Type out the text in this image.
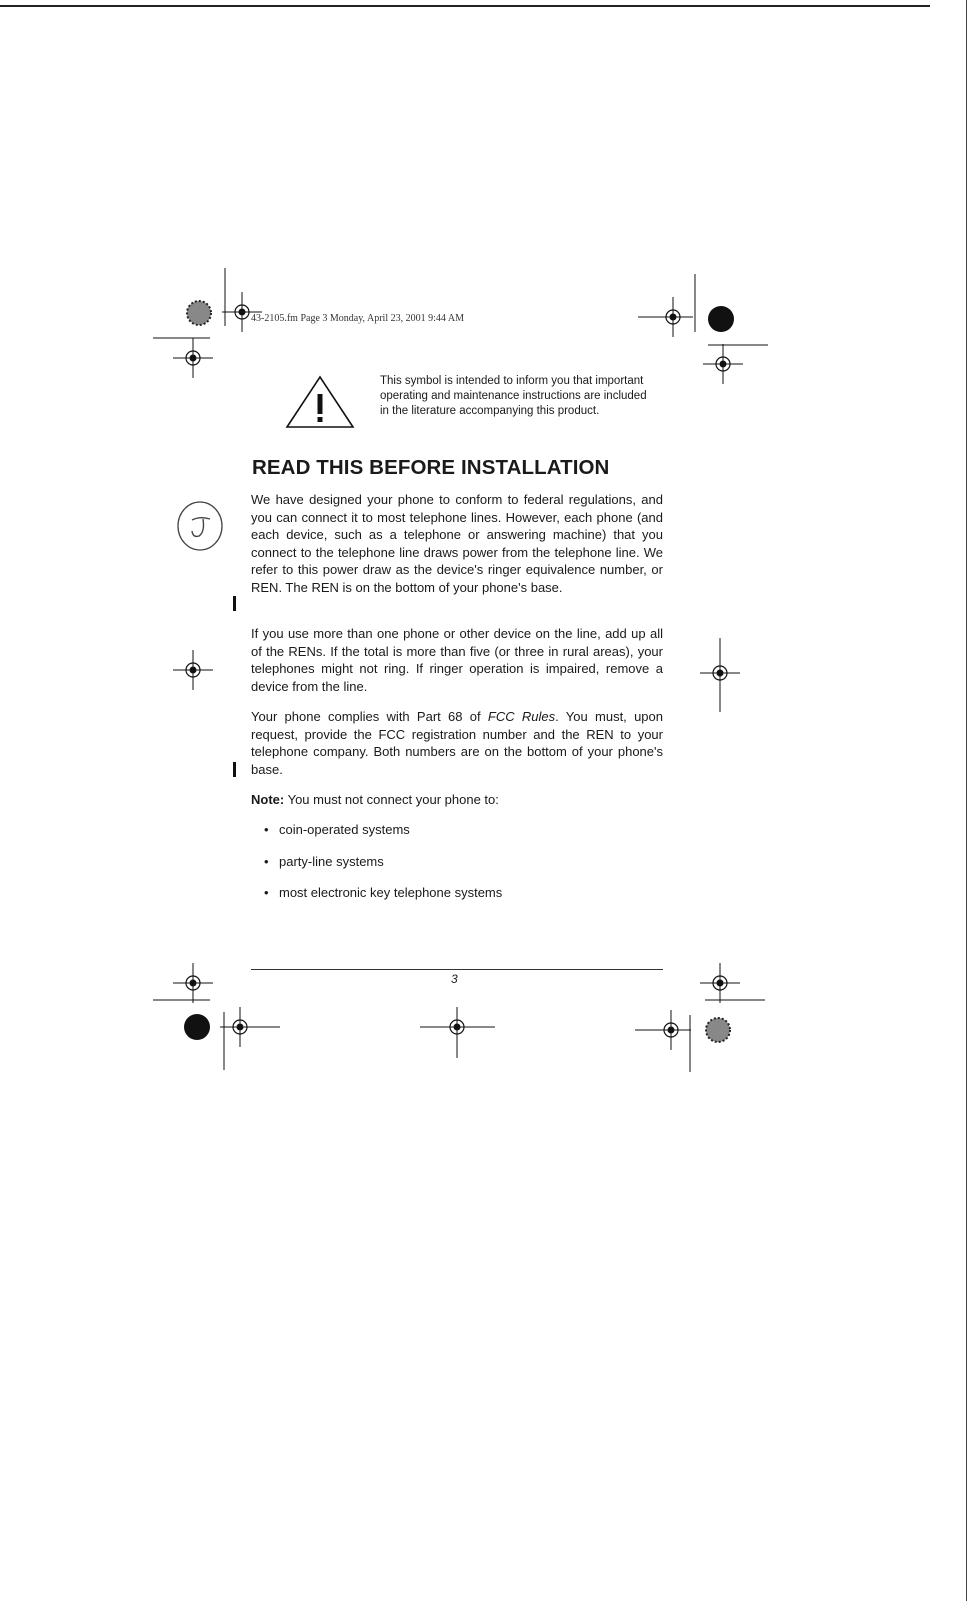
43-2105.fm Page 3 Monday, April 23, 2001 9:44 AM
This symbol is intended to inform you that important operating and maintenance instructions are included in the literature accompanying this product.
READ THIS BEFORE INSTALLATION

We have designed your phone to conform to federal regulations, and you can connect it to most telephone lines. However, each phone (and each device, such as a telephone or answering machine) that you connect to the telephone line draws power from the telephone line. We refer to this power draw as the device's ringer equivalence number, or REN. The REN is on the bottom of your phone's base.

If you use more than one phone or other device on the line, add up all of the RENs. If the total is more than five (or three in rural areas), your telephones might not ring. If ringer operation is impaired, remove a device from the line.

Your phone complies with Part 68 of FCC Rules. You must, upon request, provide the FCC registration number and the REN to your telephone company. Both numbers are on the bottom of your phone's base.

Note: You must not connect your phone to:

• coin-operated systems
• party-line systems
• most electronic key telephone systems
3
